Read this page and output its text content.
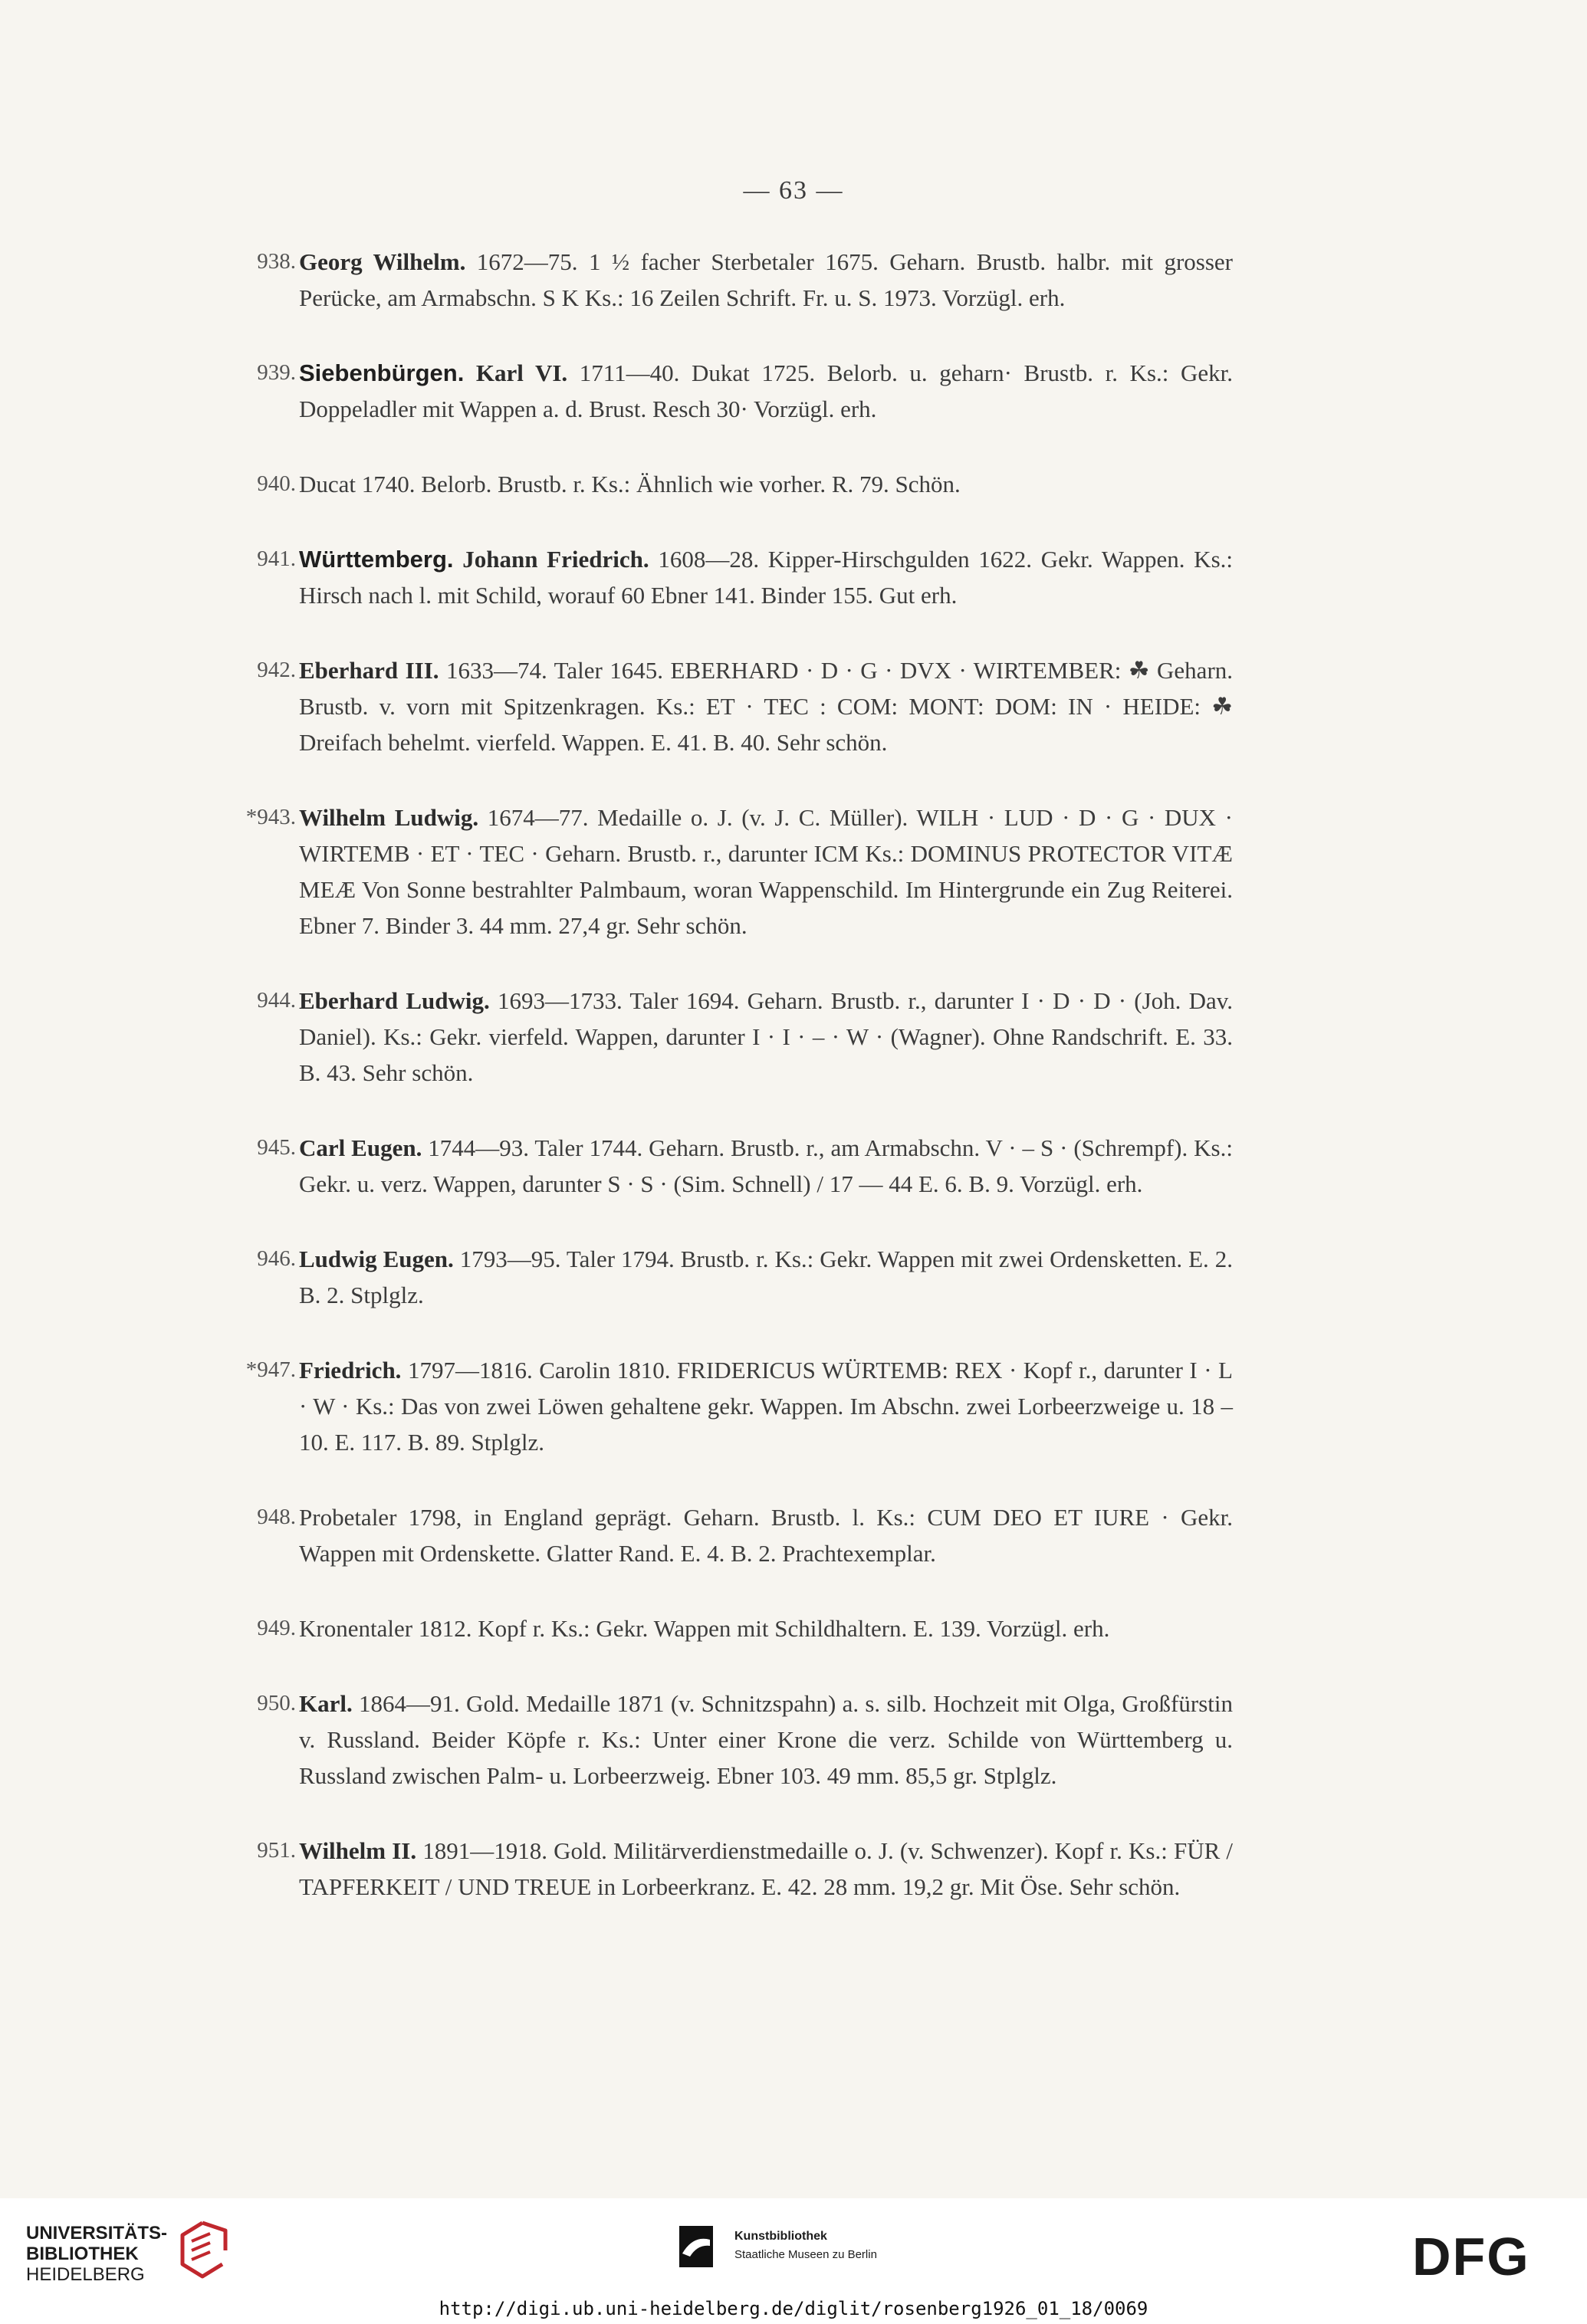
— 63 —
938. Georg Wilhelm. 1672—75. 1 ½ facher Sterbetaler 1675. Geharn. Brustb. halbr. mit grosser Perücke, am Armabschn. S K Ks.: 16 Zeilen Schrift. Fr. u. S. 1973. Vorzügl. erh.
939. Siebenbürgen. Karl VI. 1711—40. Dukat 1725. Belorb. u. geharn· Brustb. r. Ks.: Gekr. Doppeladler mit Wappen a. d. Brust. Resch 30· Vorzügl. erh.
940. Ducat 1740. Belorb. Brustb. r. Ks.: Ähnlich wie vorher. R. 79. Schön.
941. Württemberg. Johann Friedrich. 1608—28. Kipper-Hirschgulden 1622. Gekr. Wappen. Ks.: Hirsch nach l. mit Schild, worauf 60 Ebner 141. Binder 155. Gut erh.
942. Eberhard III. 1633—74. Taler 1645. EBERHARD · D · G · DVX · WIRTEMBER: ☘ Geharn. Brustb. v. vorn mit Spitzenkragen. Ks.: ET · TEC : COM: MONT: DOM: IN · HEIDE: ☘ Dreifach behelmt. vierfeld. Wappen. E. 41. B. 40. Sehr schön.
*943. Wilhelm Ludwig. 1674—77. Medaille o. J. (v. J. C. Müller). WILH · LUD · D · G · DUX · WIRTEMB · ET · TEC · Geharn. Brustb. r., darunter ICM Ks.: DOMINUS PROTECTOR VITÆ MEÆ Von Sonne bestrahlter Palmbaum, woran Wappenschild. Im Hintergrunde ein Zug Reiterei. Ebner 7. Binder 3. 44 mm. 27,4 gr. Sehr schön.
944. Eberhard Ludwig. 1693—1733. Taler 1694. Geharn. Brustb. r., darunter I · D · D · (Joh. Dav. Daniel). Ks.: Gekr. vierfeld. Wappen, darunter I · I · – · W · (Wagner). Ohne Randschrift. E. 33. B. 43. Sehr schön.
945. Carl Eugen. 1744—93. Taler 1744. Geharn. Brustb. r., am Armabschn. V · – S · (Schrempf). Ks.: Gekr. u. verz. Wappen, darunter S · S · (Sim. Schnell) / 17 — 44 E. 6. B. 9. Vorzügl. erh.
946. Ludwig Eugen. 1793—95. Taler 1794. Brustb. r. Ks.: Gekr. Wappen mit zwei Ordensketten. E. 2. B. 2. Stplglz.
*947. Friedrich. 1797—1816. Carolin 1810. FRIDERICUS WÜRTEMB: REX · Kopf r., darunter I · L · W · Ks.: Das von zwei Löwen gehaltene gekr. Wappen. Im Abschn. zwei Lorbeerzweige u. 18 – 10. E. 117. B. 89. Stplglz.
948. Probetaler 1798, in England geprägt. Geharn. Brustb. l. Ks.: CUM DEO ET IURE · Gekr. Wappen mit Ordenskette. Glatter Rand. E. 4. B. 2. Prachtexemplar.
949. Kronentaler 1812. Kopf r. Ks.: Gekr. Wappen mit Schildhaltern. E. 139. Vorzügl. erh.
950. Karl. 1864—91. Gold. Medaille 1871 (v. Schnitzspahn) a. s. silb. Hochzeit mit Olga, Großfürstin v. Russland. Beider Köpfe r. Ks.: Unter einer Krone die verz. Schilde von Württemberg u. Russland zwischen Palm- u. Lorbeerzweig. Ebner 103. 49 mm. 85,5 gr. Stplglz.
951. Wilhelm II. 1891—1918. Gold. Militärverdienstmedaille o. J. (v. Schwenzer). Kopf r. Ks.: FÜR / TAPFERKEIT / UND TREUE in Lorbeerkranz. E. 42. 28 mm. 19,2 gr. Mit Öse. Sehr schön.
UNIVERSITÄTS-
BIBLIOTHEK
HEIDELBERG
Kunstbibliothek
Staatliche Museen zu Berlin	DFG
http://digi.ub.uni-heidelberg.de/diglit/rosenberg1926_01_18/0069
